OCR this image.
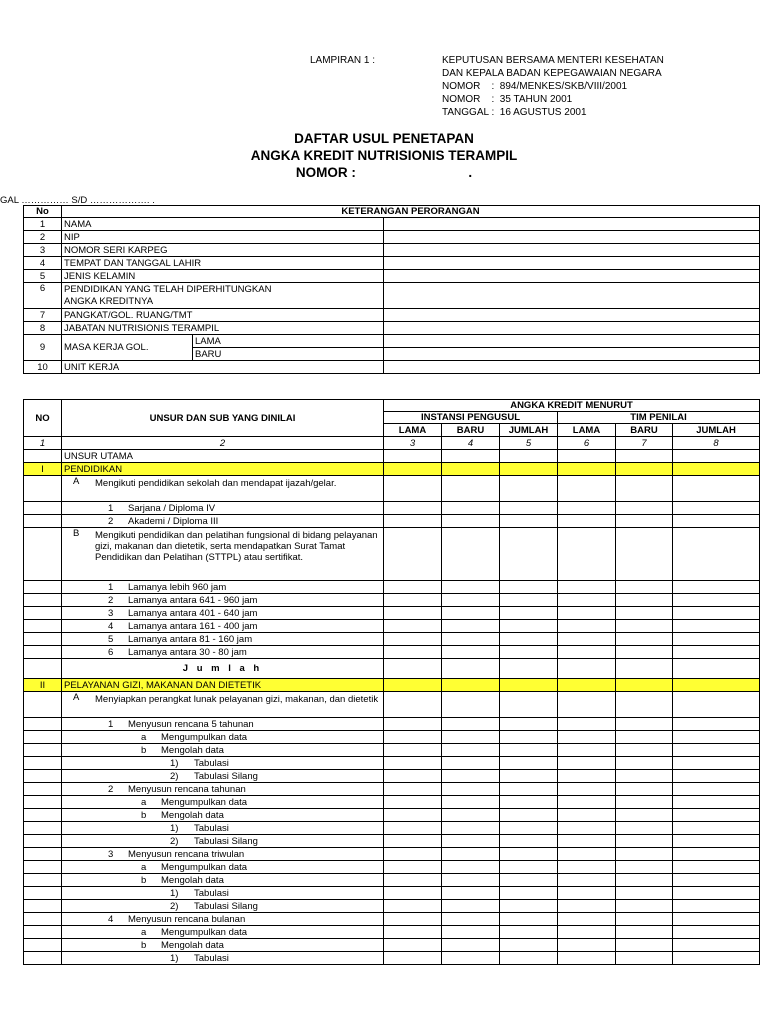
LAMPIRAN 1 :	KEPUTUSAN BERSAMA MENTERI KESEHATAN
DAN KEPALA BADAN KEPEGAWAIAN NEGARA
NOMOR    :  894/MENKES/SKB/VIII/2001
NOMOR    :  35 TAHUN 2001
TANGGAL :  16 AGUSTUS 2001
DAFTAR USUL PENETAPAN
ANGKA KREDIT NUTRISIONIS TERAMPIL
NOMOR :                              .
GAL …………… S/D ………………. .
No	KETERANGAN PERORANGAN		
1	NAMA		
2	NIP		
3	NOMOR SERI KARPEG		
4	TEMPAT DAN TANGGAL LAHIR		
5	JENIS KELAMIN		
6	PENDIDIKAN YANG TELAH DIPERHITUNGKAN
ANGKA KREDITNYA		

7	PANGKAT/GOL. RUANG/TMT		
8	JABATAN NUTRISIONIS TERAMPIL		
9	MASA KERJA GOL.	LAMA	
		BARU	
10	UNIT KERJA		
NO	UNSUR DAN SUB YANG DINILAI	ANGKA KREDIT MENURUT					
		INSTANSI PENGUSUL			TIM PENILAI		
		LAMA	BARU	JUMLAH	LAMA	BARU	JUMLAH
1	2	3	4	5	6	7	8
	UNSUR UTAMA						
I	PENDIDIKAN						

	A Mengikuti pendidikan sekolah dan mendapat ijazah/gelar.						

	1 Sarjana / Diploma IV						

	2 Akademi / Diploma III						

	B Mengikuti pendidikan dan pelatihan fungsional di bidang pelayanan gizi, makanan dan dietetik, serta mendapatkan Surat Tamat Pendidikan dan Pelatihan (STTPL) atau sertifikat.						

	1 Lamanya lebih 960 jam						

	2 Lamanya antara 641 - 960 jam						

	3 Lamanya antara 401 - 640 jam						

	4 Lamanya antara 161 - 400 jam						

	5 Lamanya antara 81 - 160 jam						

	6 Lamanya antara 30 - 80 jam						
	J u m l a h						
II	PELAYANAN GIZI, MAKANAN DAN DIETETIK						

	A Menyiapkan perangkat lunak pelayanan gizi, makanan, dan dietetik						

	1 Menyusun rencana 5 tahunan						

	a Mengumpulkan data						

	b Mengolah data						

	1) Tabulasi						

	2) Tabulasi Silang						

	2 Menyusun rencana tahunan						

	a Mengumpulkan data						

	b Mengolah data						

	1) Tabulasi						

	2) Tabulasi Silang						

	3 Menyusun rencana triwulan						

	a Mengumpulkan data						

	b Mengolah data						

	1) Tabulasi						

	2) Tabulasi Silang						

	4 Menyusun rencana bulanan						

	a Mengumpulkan data						

	b Mengolah data						

	1) Tabulasi						
